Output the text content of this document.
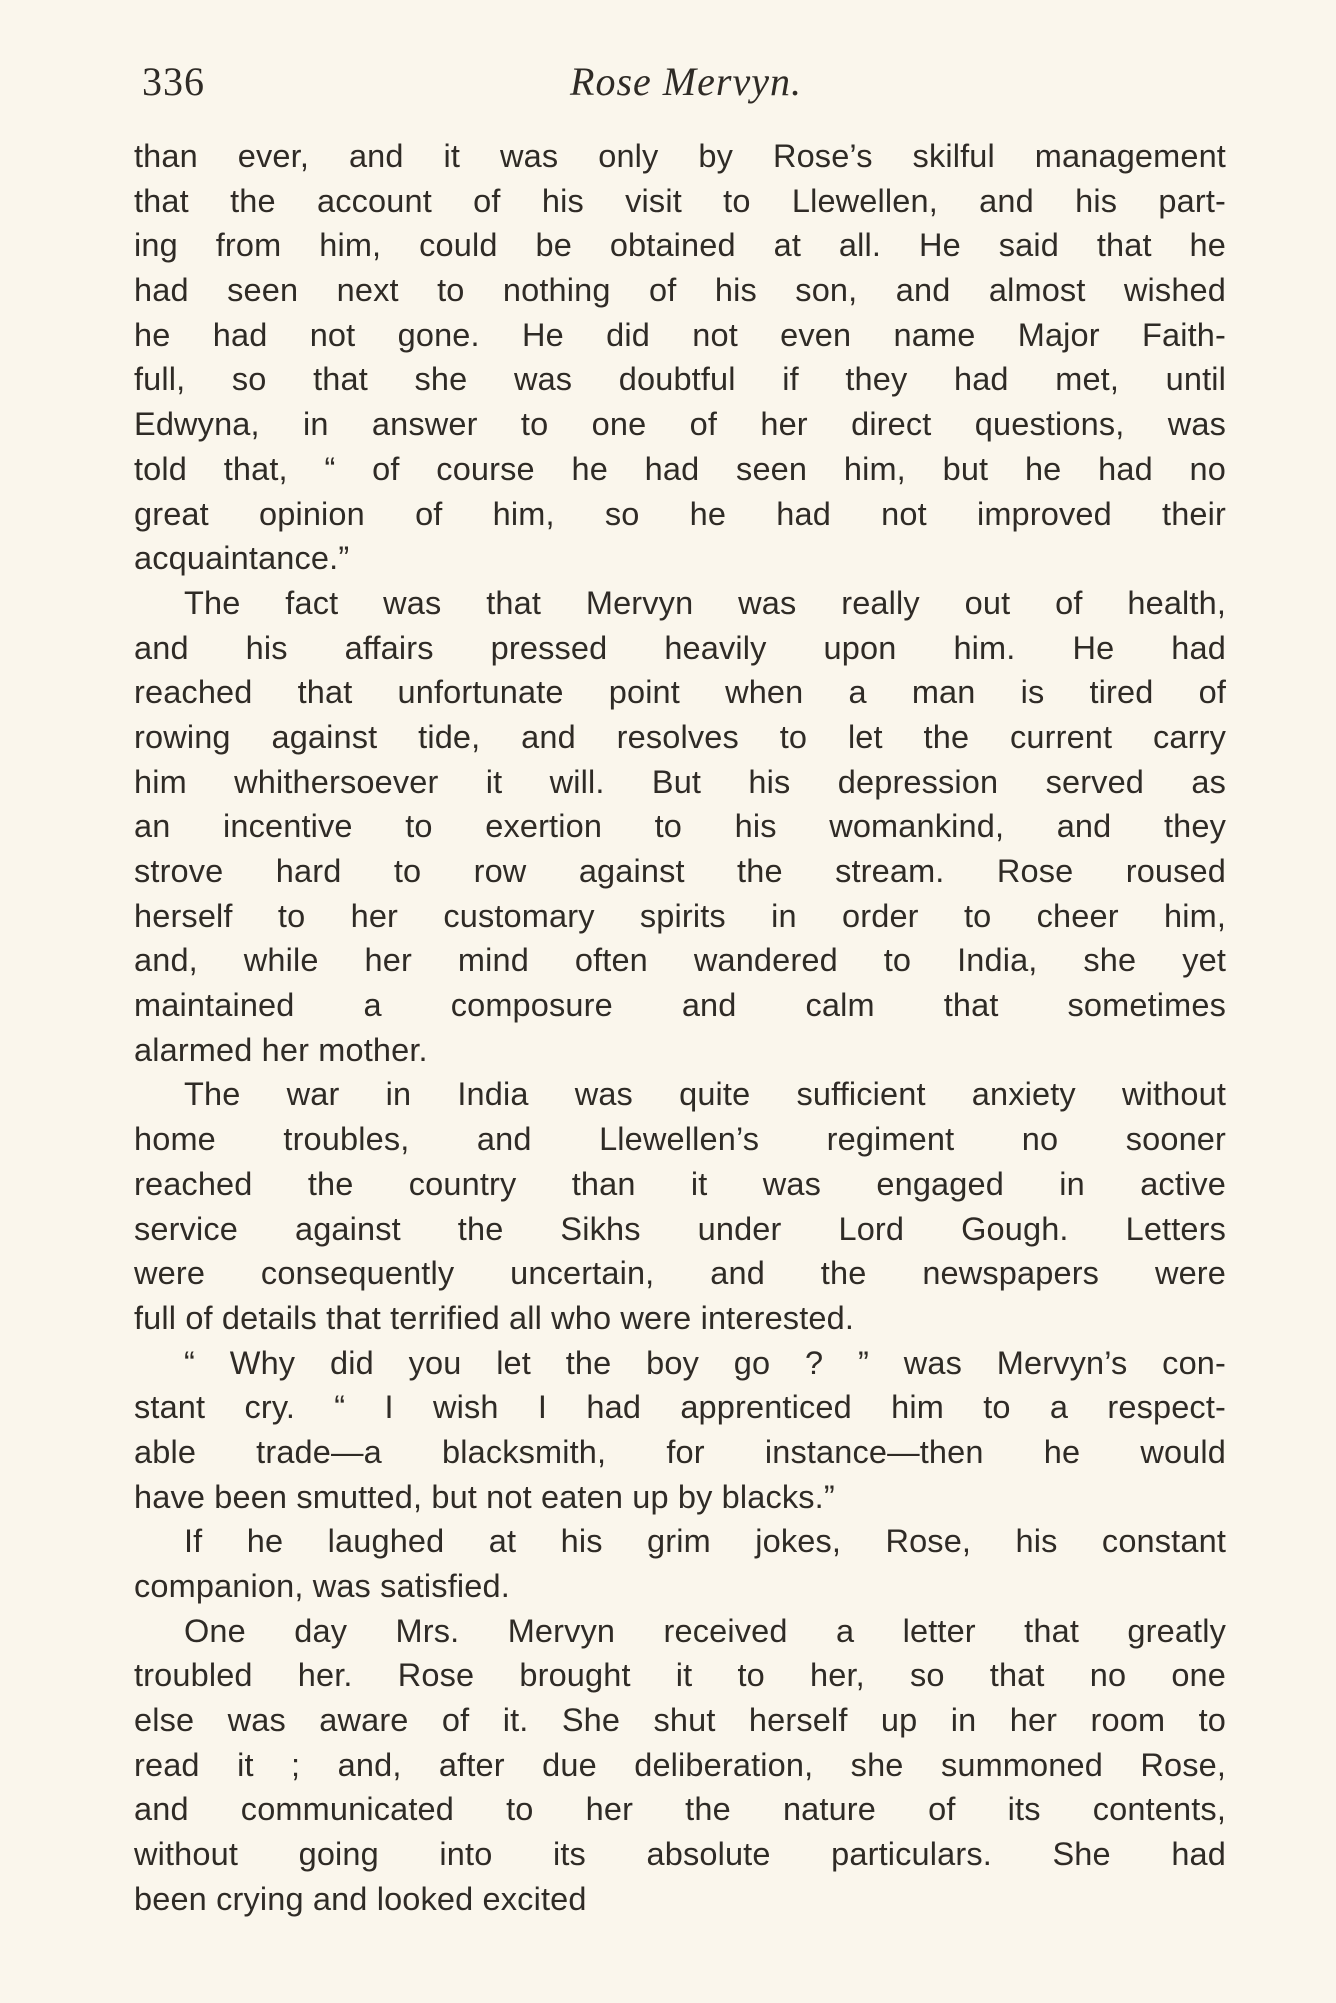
336	Rose Mervyn.
than ever, and it was only by Rose’s skilful management
that the account of his visit to Llewellen, and his part-
ing from him, could be obtained at all. He said that he
had seen next to nothing of his son, and almost wished
he had not gone. He did not even name Major Faith-
full, so that she was doubtful if they had met, until
Edwyna, in answer to one of her direct questions, was
told that, “ of course he had seen him, but he had no
great opinion of him, so he had not improved their
acquaintance.”
The fact was that Mervyn was really out of health,
and his affairs pressed heavily upon him. He had
reached that unfortunate point when a man is tired of
rowing against tide, and resolves to let the current carry
him whithersoever it will. But his depression served as
an incentive to exertion to his womankind, and they
strove hard to row against the stream. Rose roused
herself to her customary spirits in order to cheer him,
and, while her mind often wandered to India, she yet
maintained a composure and calm that sometimes
alarmed her mother.
The war in India was quite sufficient anxiety without
home troubles, and Llewellen’s regiment no sooner
reached the country than it was engaged in active
service against the Sikhs under Lord Gough. Letters
were consequently uncertain, and the newspapers were
full of details that terrified all who were interested.
“ Why did you let the boy go ? ” was Mervyn’s con-
stant cry. “ I wish I had apprenticed him to a respect-
able trade—a blacksmith, for instance—then he would
have been smutted, but not eaten up by blacks.”
If he laughed at his grim jokes, Rose, his constant
companion, was satisfied.
One day Mrs. Mervyn received a letter that greatly
troubled her. Rose brought it to her, so that no one
else was aware of it. She shut herself up in her room to
read it ; and, after due deliberation, she summoned Rose,
and communicated to her the nature of its contents,
without going into its absolute particulars. She had
been crying and looked excited
